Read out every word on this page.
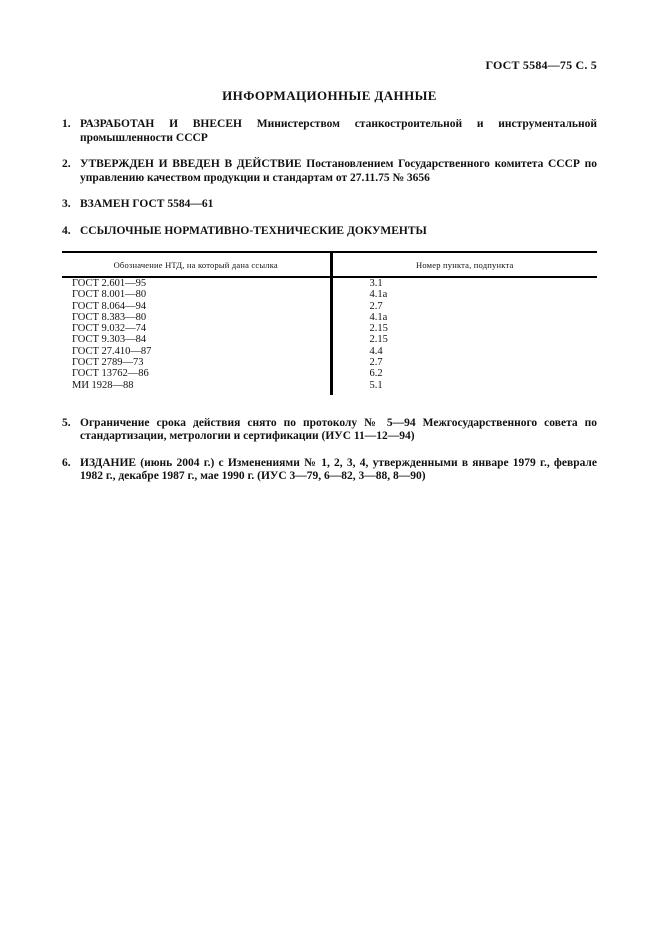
ГОСТ 5584—75 С. 5
ИНФОРМАЦИОННЫЕ ДАННЫЕ
1. РАЗРАБОТАН И ВНЕСЕН Министерством станкостроительной и инструментальной промышленности СССР
2. УТВЕРЖДЕН И ВВЕДЕН В ДЕЙСТВИЕ Постановлением Государственного комитета СССР по управлению качеством продукции и стандартам от 27.11.75 № 3656
3. ВЗАМЕН ГОСТ 5584—61
4. ССЫЛОЧНЫЕ НОРМАТИВНО-ТЕХНИЧЕСКИЕ ДОКУМЕНТЫ
Обозначение НТД, на который дана ссылка	Номер пункта, подпункта
ГОСТ 2.601—95	3.1
ГОСТ 8.001—80	4.1а
ГОСТ 8.064—94	2.7
ГОСТ 8.383—80	4.1а
ГОСТ 9.032—74	2.15
ГОСТ 9.303—84	2.15
ГОСТ 27.410—87	4.4
ГОСТ 2789—73	2.7
ГОСТ 13762—86	6.2
МИ 1928—88	5.1
5. Ограничение срока действия снято по протоколу № 5—94 Межгосударственного совета по стандартизации, метрологии и сертификации (ИУС 11—12—94)
6. ИЗДАНИЕ (июнь 2004 г.) с Изменениями № 1, 2, 3, 4, утвержденными в январе 1979 г., феврале 1982 г., декабре 1987 г., мае 1990 г. (ИУС 3—79, 6—82, 3—88, 8—90)
